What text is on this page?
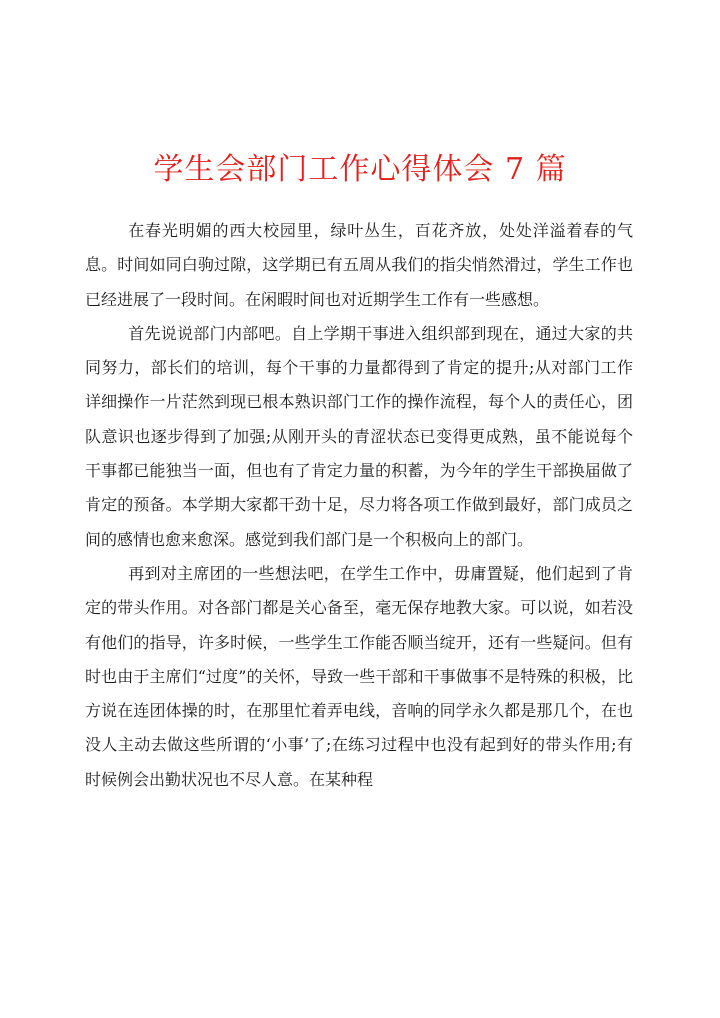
学生会部门工作心得体会 7 篇

在春光明媚的西大校园里，绿叶丛生，百花齐放，处处洋溢着春的气息。时间如同白驹过隙，这学期已有五周从我们的指尖悄然滑过，学生工作也已经进展了一段时间。在闲暇时间也对近期学生工作有一些感想。

首先说说部门内部吧。自上学期干事进入组织部到现在，通过大家的共同努力，部长们的培训，每个干事的力量都得到了肯定的提升;从对部门工作详细操作一片茫然到现已根本熟识部门工作的操作流程，每个人的责任心，团队意识也逐步得到了加强;从刚开头的青涩状态已变得更成熟，虽不能说每个干事都已能独当一面，但也有了肯定力量的积蓄，为今年的学生干部换届做了肯定的预备。本学期大家都干劲十足，尽力将各项工作做到最好，部门成员之间的感情也愈来愈深。感觉到我们部门是一个积极向上的部门。

再到对主席团的一些想法吧，在学生工作中，毋庸置疑，他们起到了肯定的带头作用。对各部门都是关心备至，毫无保存地教大家。可以说，如若没有他们的指导，许多时候，一些学生工作能否顺当绽开，还有一些疑问。但有时也由于主席们“过度”的关怀，导致一些干部和干事做事不是特殊的积极，比方说在连团体操的时，在那里忙着弄电线，音响的同学永久都是那几个，在也没人主动去做这些所谓的‘小事’了;在练习过程中也没有起到好的带头作用;有时候例会出勤状况也不尽人意。在某种程
